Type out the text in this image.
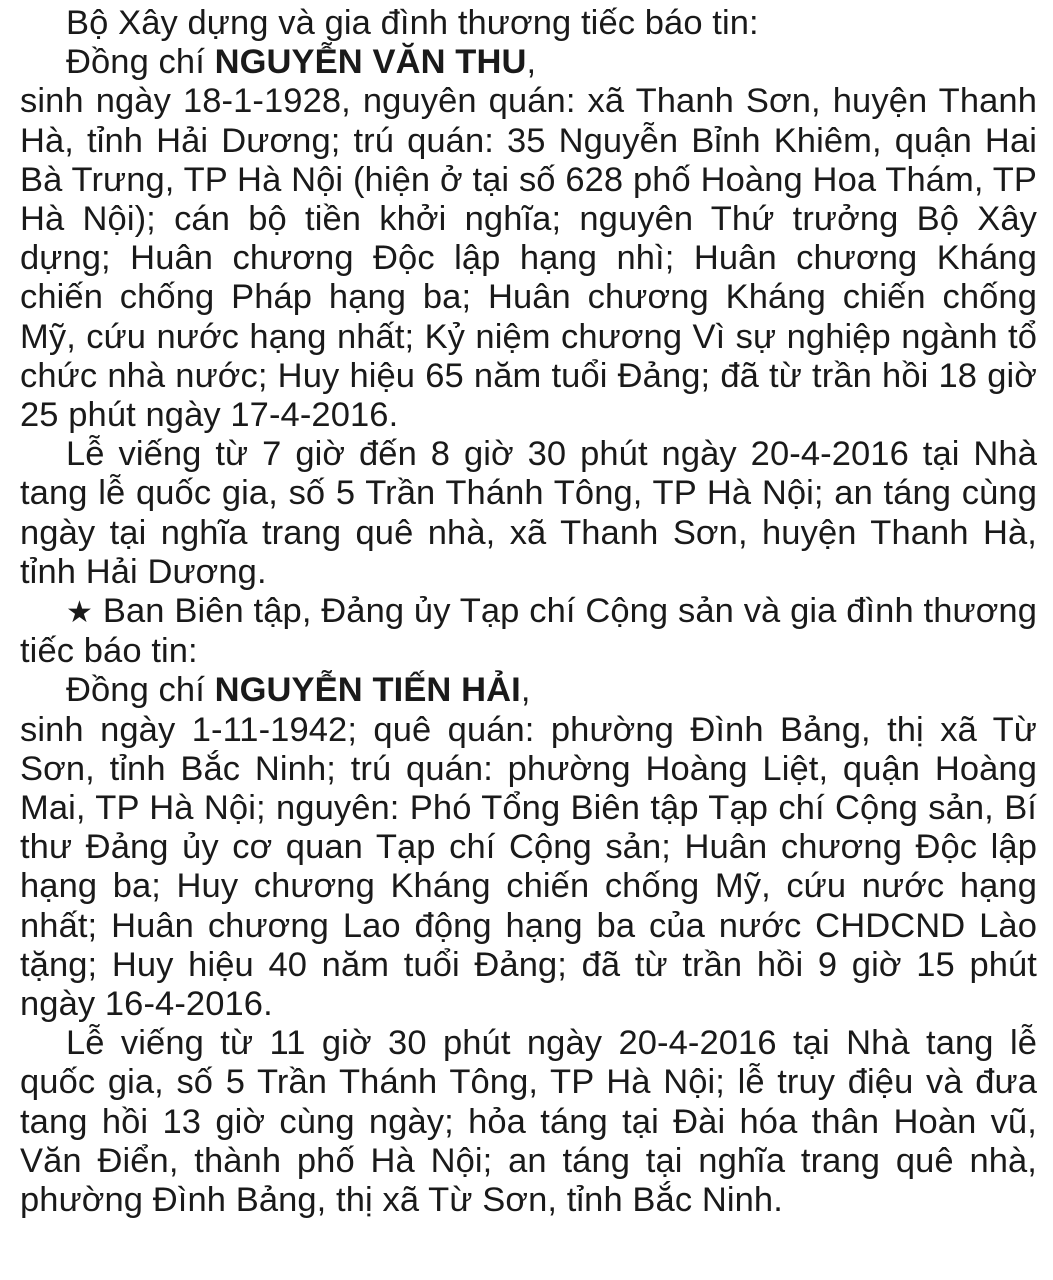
Bộ Xây dựng và gia đình thương tiếc báo tin:

Đồng chí NGUYỄN VĂN THU,

sinh ngày 18-1-1928, nguyên quán: xã Thanh Sơn, huyện Thanh Hà, tỉnh Hải Dương; trú quán: 35 Nguyễn Bỉnh Khiêm, quận Hai Bà Trưng, TP Hà Nội (hiện ở tại số 628 phố Hoàng Hoa Thám, TP Hà Nội); cán bộ tiền khởi nghĩa; nguyên Thứ trưởng Bộ Xây dựng; Huân chương Độc lập hạng nhì; Huân chương Kháng chiến chống Pháp hạng ba; Huân chương Kháng chiến chống Mỹ, cứu nước hạng nhất; Kỷ niệm chương Vì sự nghiệp ngành tổ chức nhà nước; Huy hiệu 65 năm tuổi Đảng; đã từ trần hồi 18 giờ 25 phút ngày 17-4-2016.

Lễ viếng từ 7 giờ đến 8 giờ 30 phút ngày 20-4-2016 tại Nhà tang lễ quốc gia, số 5 Trần Thánh Tông, TP Hà Nội; an táng cùng ngày tại nghĩa trang quê nhà, xã Thanh Sơn, huyện Thanh Hà, tỉnh Hải Dương.

★ Ban Biên tập, Đảng ủy Tạp chí Cộng sản và gia đình thương tiếc báo tin:

Đồng chí NGUYỄN TIẾN HẢI,

sinh ngày 1-11-1942; quê quán: phường Đình Bảng, thị xã Từ Sơn, tỉnh Bắc Ninh; trú quán: phường Hoàng Liệt, quận Hoàng Mai, TP Hà Nội; nguyên: Phó Tổng Biên tập Tạp chí Cộng sản, Bí thư Đảng ủy cơ quan Tạp chí Cộng sản; Huân chương Độc lập hạng ba; Huy chương Kháng chiến chống Mỹ, cứu nước hạng nhất; Huân chương Lao động hạng ba của nước CHDCND Lào tặng; Huy hiệu 40 năm tuổi Đảng; đã từ trần hồi 9 giờ 15 phút ngày 16-4-2016.

Lễ viếng từ 11 giờ 30 phút ngày 20-4-2016 tại Nhà tang lễ quốc gia, số 5 Trần Thánh Tông, TP Hà Nội; lễ truy điệu và đưa tang hồi 13 giờ cùng ngày; hỏa táng tại Đài hóa thân Hoàn vũ, Văn Điển, thành phố Hà Nội; an táng tại nghĩa trang quê nhà, phường Đình Bảng, thị xã Từ Sơn, tỉnh Bắc Ninh.
